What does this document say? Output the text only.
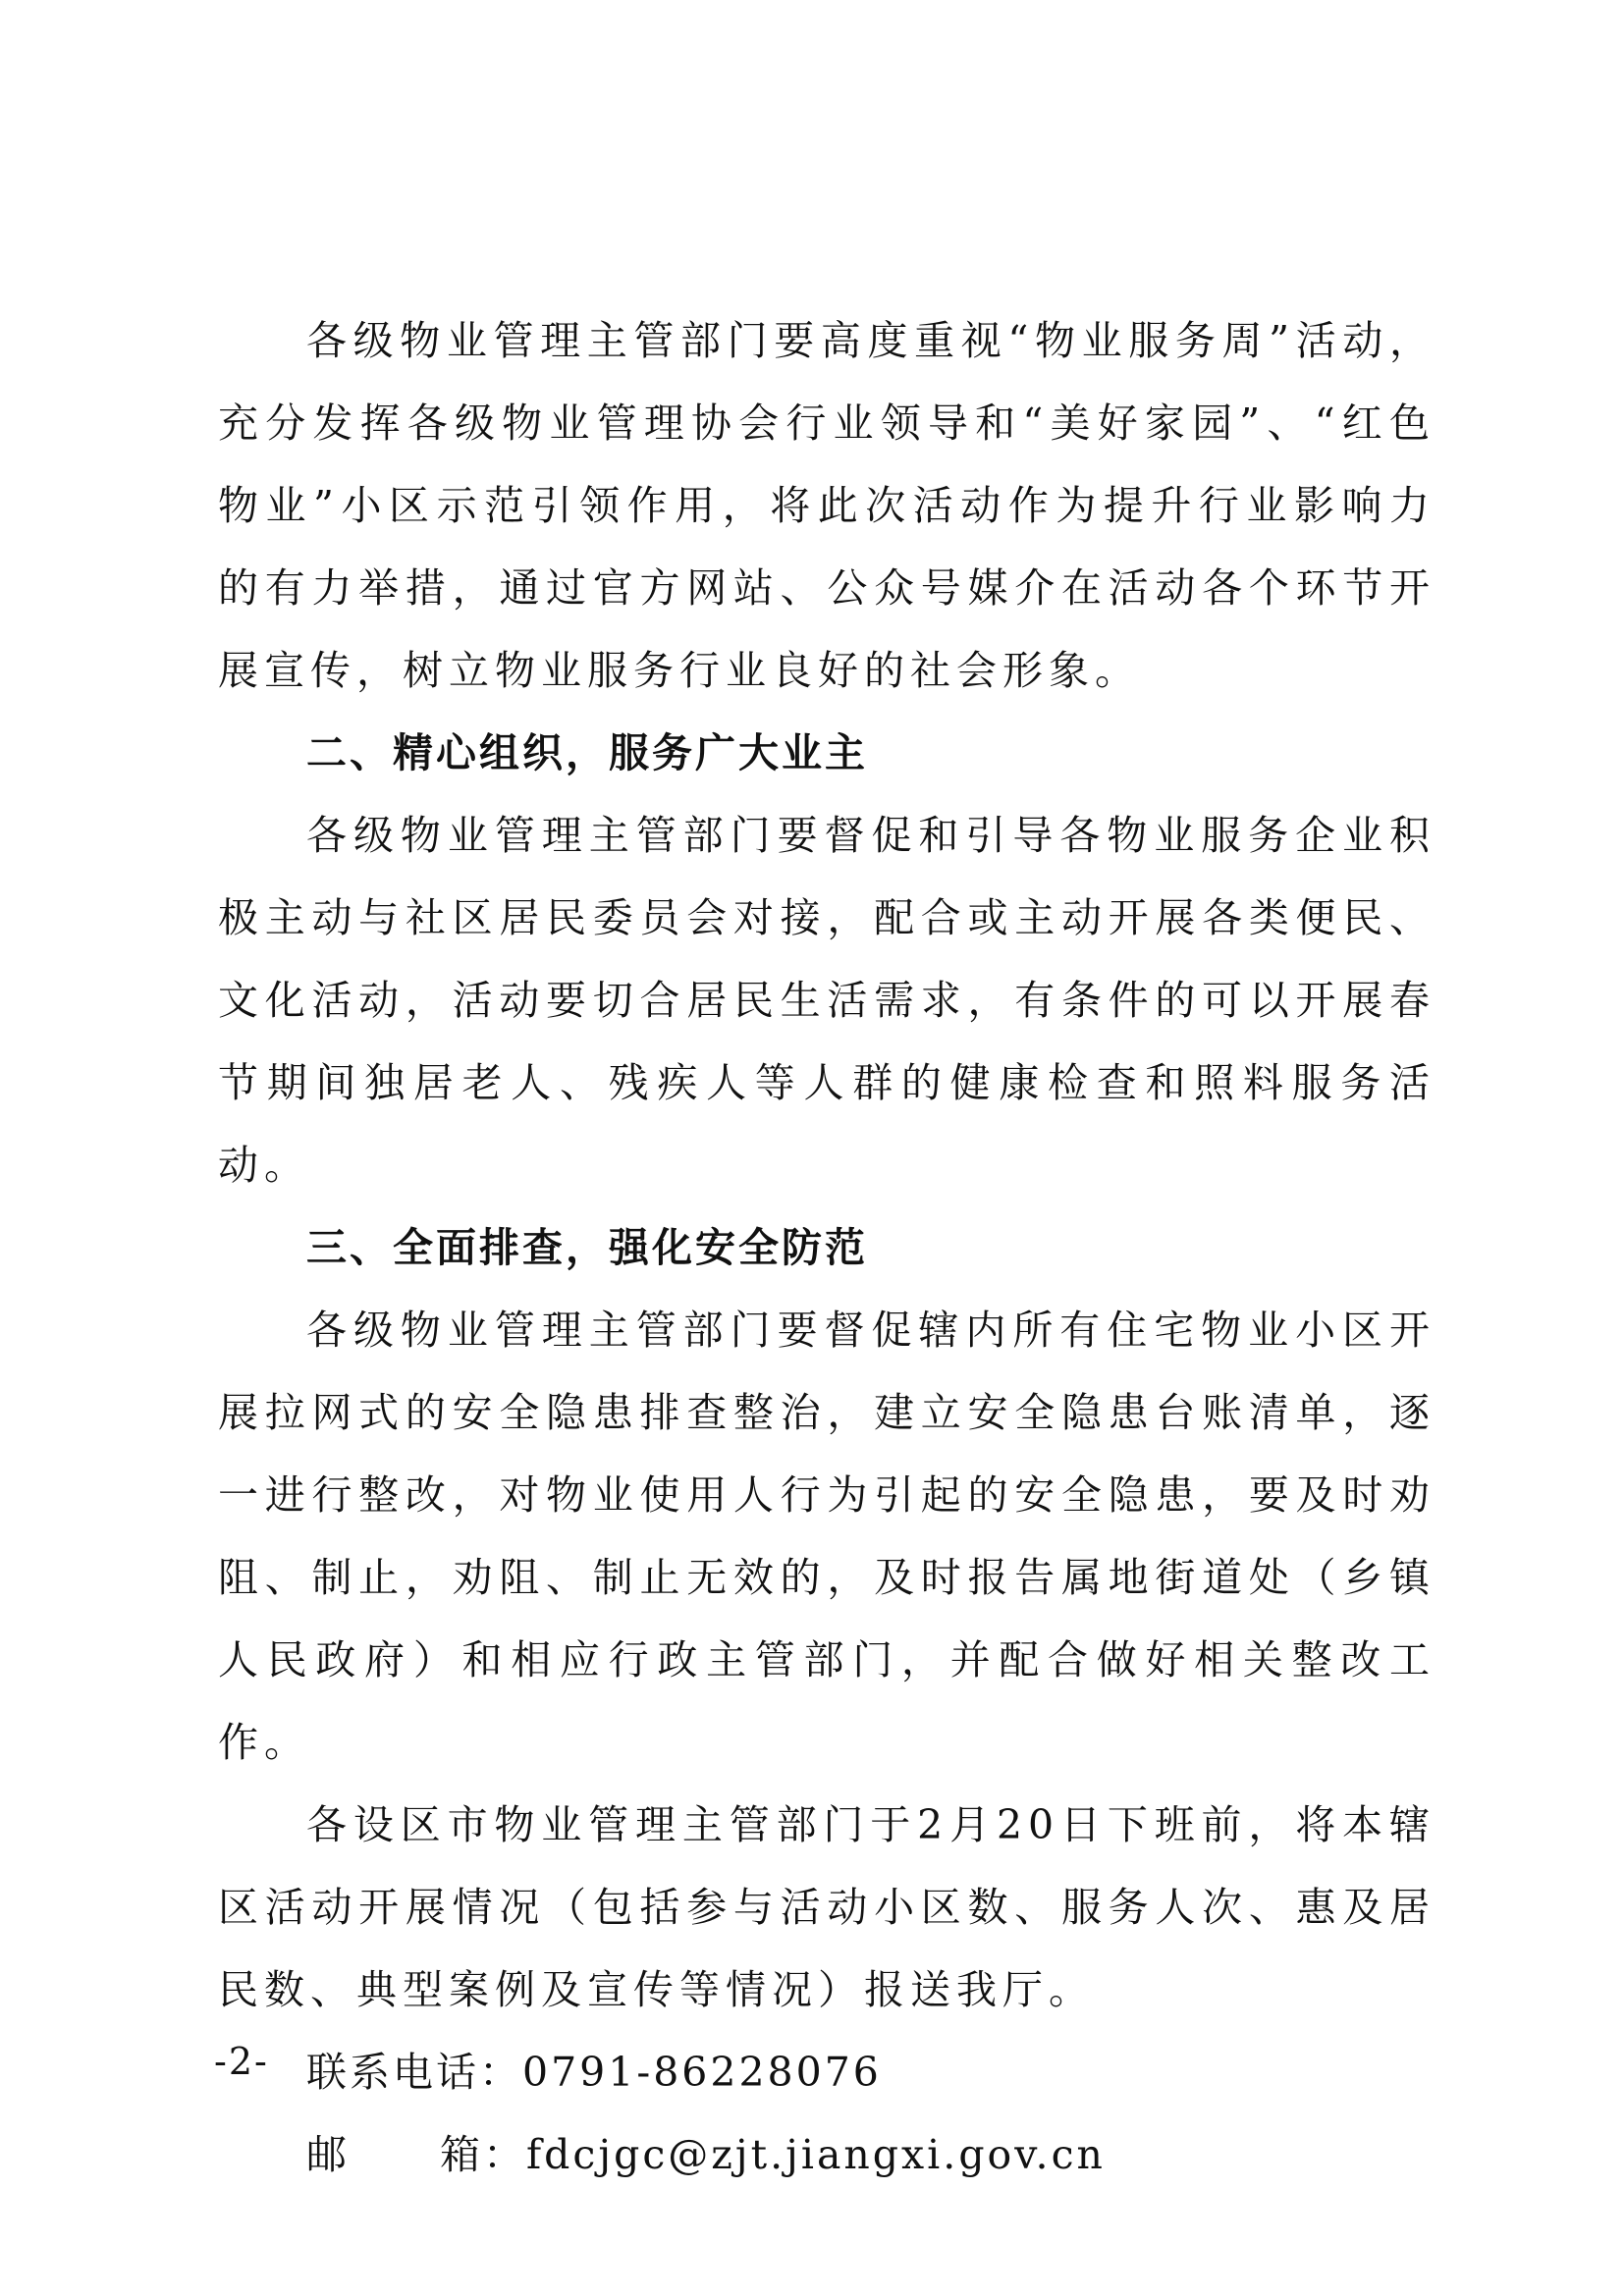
各级物业管理主管部门要高度重视“物业服务周”活动，充分发挥各级物业管理协会行业领导和“美好家园”、“红色物业”小区示范引领作用，将此次活动作为提升行业影响力的有力举措，通过官方网站、公众号媒介在活动各个环节开展宣传，树立物业服务行业良好的社会形象。

二、精心组织，服务广大业主

各级物业管理主管部门要督促和引导各物业服务企业积极主动与社区居民委员会对接，配合或主动开展各类便民、文化活动，活动要切合居民生活需求，有条件的可以开展春节期间独居老人、残疾人等人群的健康检查和照料服务活动。

三、全面排查，强化安全防范

各级物业管理主管部门要督促辖内所有住宅物业小区开展拉网式的安全隐患排查整治，建立安全隐患台账清单，逐一进行整改，对物业使用人行为引起的安全隐患，要及时劝阻、制止，劝阻、制止无效的，及时报告属地街道处（乡镇人民政府）和相应行政主管部门，并配合做好相关整改工作。

各设区市物业管理主管部门于2月20日下班前，将本辖区活动开展情况（包括参与活动小区数、服务人次、惠及居民数、典型案例及宣传等情况）报送我厅。

联系电话：0791-86228076

邮 箱：fdcjgc@zjt.jiangxi.gov.cn

-2-
